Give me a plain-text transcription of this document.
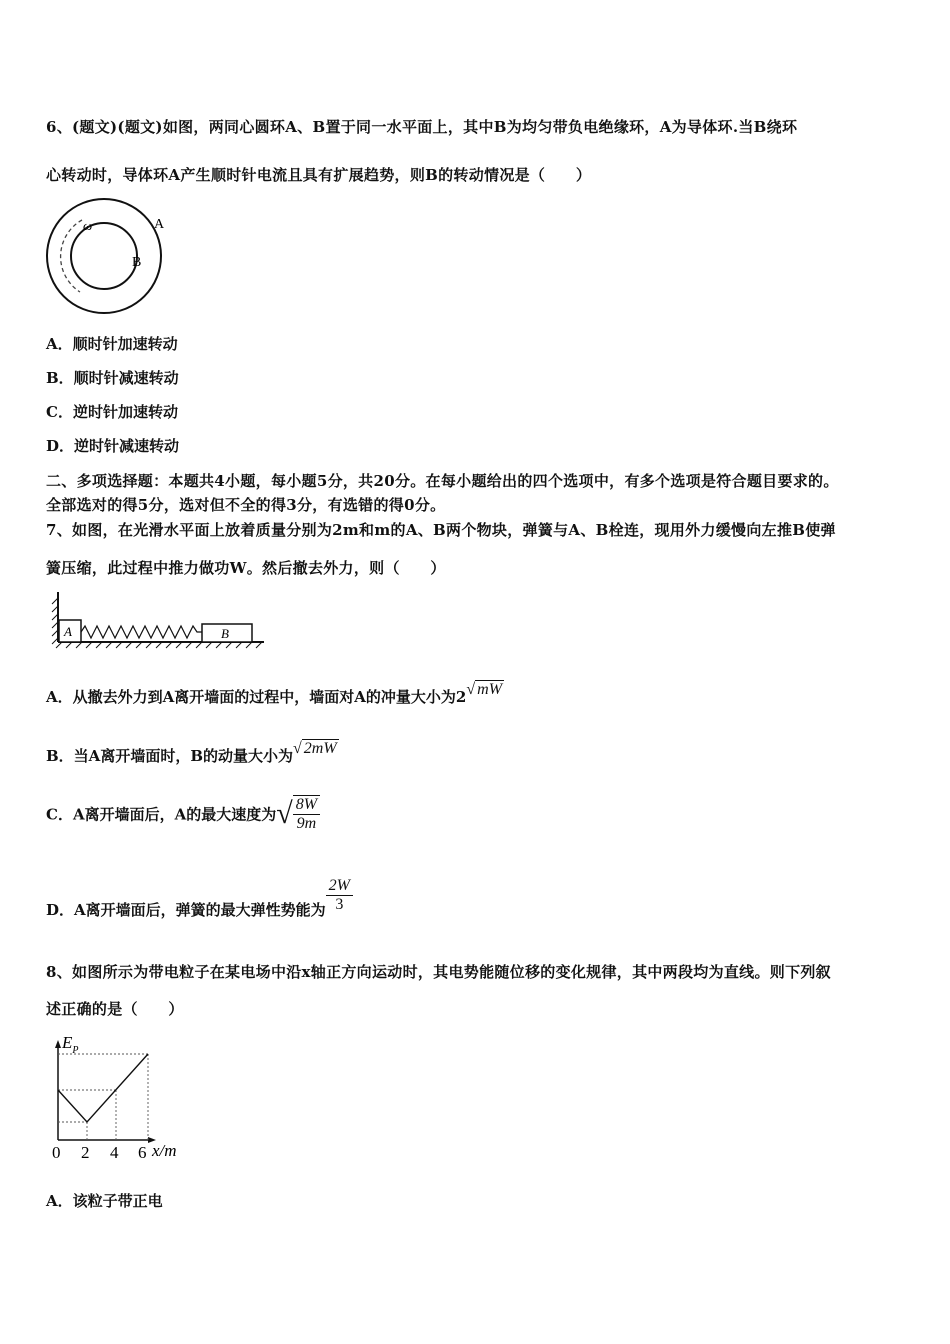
6、(题文)(题文)如图，两同心圆环A、B置于同一水平面上，其中B为均匀带负电绝缘环，A为导体环.当B绕环
心转动时，导体环A产生顺时针电流且具有扩展趋势，则B的转动情况是（　　）
ω	A
B
A．顺时针加速转动
B．顺时针减速转动
C．逆时针加速转动
D．逆时针减速转动
二、多项选择题：本题共4小题，每小题5分，共20分。在每小题给出的四个选项中，有多个选项是符合题目要求的。
全部选对的得5分，选对但不全的得3分，有选错的得0分。
7、如图，在光滑水平面上放着质量分别为2m和m的A、B两个物块，弹簧与A、B栓连，现用外力缓慢向左推B使弹
簧压缩，此过程中推力做功W。然后撤去外力，则（　　）
A	B
A．从撤去外力到A离开墙面的过程中，墙面对A的冲量大小为2√ mW
B．当A离开墙面时，B的动量大小为√ 2mW
C．A离开墙面后，A的最大速度为√ $\frac{8W}{9m}$
D．A离开墙面后，弹簧的最大弹性势能为 $\frac{2W}{3}$
8、如图所示为带电粒子在某电场中沿x轴正方向运动时，其电势能随位移的变化规律，其中两段均为直线。则下列叙
述正确的是（　　）
$E_P$
0 2 4 6 x/m
A．该粒子带正电
